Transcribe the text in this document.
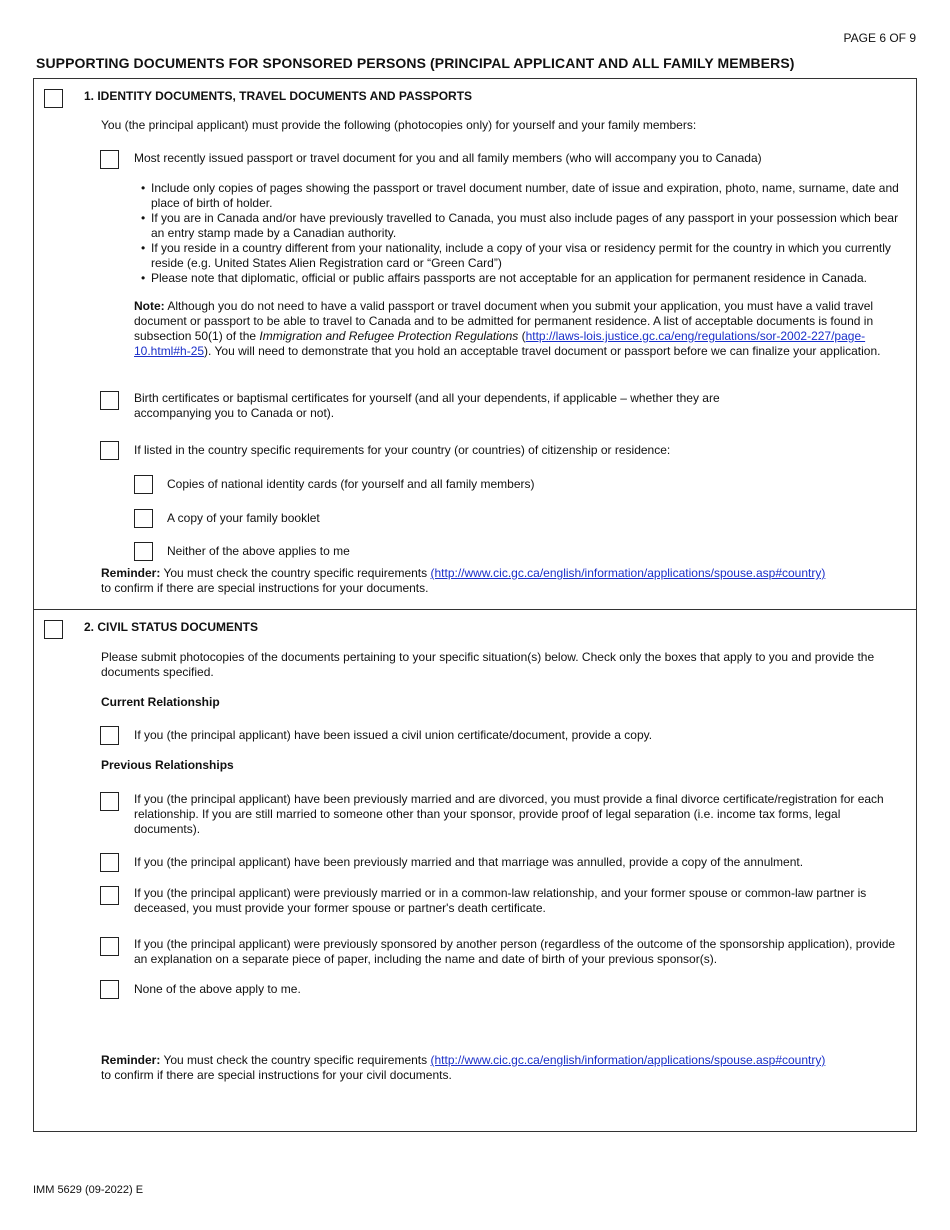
PAGE 6 OF 9
SUPPORTING DOCUMENTS FOR SPONSORED PERSONS (PRINCIPAL APPLICANT AND ALL FAMILY MEMBERS)
1. IDENTITY DOCUMENTS, TRAVEL DOCUMENTS AND PASSPORTS
You (the principal applicant) must provide the following (photocopies only) for yourself and your family members:
Most recently issued passport or travel document for you and all family members (who will accompany you to Canada)
• Include only copies of pages showing the passport or travel document number, date of issue and expiration, photo, name, surname, date and place of birth of holder.
• If you are in Canada and/or have previously travelled to Canada, you must also include pages of any passport in your possession which bear an entry stamp made by a Canadian authority.
• If you reside in a country different from your nationality, include a copy of your visa or residency permit for the country in which you currently reside (e.g. United States Alien Registration card or “Green Card”)
• Please note that diplomatic, official or public affairs passports are not acceptable for an application for permanent residence in Canada.
Note: Although you do not need to have a valid passport or travel document when you submit your application, you must have a valid travel document or passport to be able to travel to Canada and to be admitted for permanent residence. A list of acceptable documents is found in subsection 50(1) of the Immigration and Refugee Protection Regulations (http://laws-lois.justice.gc.ca/eng/regulations/sor-2002-227/page-10.html#h-25). You will need to demonstrate that you hold an acceptable travel document or passport before we can finalize your application.
Birth certificates or baptismal certificates for yourself (and all your dependents, if applicable – whether they are accompanying you to Canada or not).
If listed in the country specific requirements for your country (or countries) of citizenship or residence:
Copies of national identity cards (for yourself and all family members)
A copy of your family booklet
Neither of the above applies to me
Reminder: You must check the country specific requirements (http://www.cic.gc.ca/english/information/applications/spouse.asp#country)
to confirm if there are special instructions for your documents.
2. CIVIL STATUS DOCUMENTS
Please submit photocopies of the documents pertaining to your specific situation(s) below. Check only the boxes that apply to you and provide the documents specified.
Current Relationship
If you (the principal applicant) have been issued a civil union certificate/document, provide a copy.
Previous Relationships
If you (the principal applicant) have been previously married and are divorced, you must provide a final divorce certificate/registration for each relationship. If you are still married to someone other than your sponsor, provide proof of legal separation (i.e. income tax forms, legal documents).
If you (the principal applicant) have been previously married and that marriage was annulled, provide a copy of the annulment.
If you (the principal applicant) were previously married or in a common-law relationship, and your former spouse or common-law partner is deceased, you must provide your former spouse or partner's death certificate.
If you (the principal applicant) were previously sponsored by another person (regardless of the outcome of the sponsorship application), provide an explanation on a separate piece of paper, including the name and date of birth of your previous sponsor(s).
None of the above apply to me.
Reminder: You must check the country specific requirements (http://www.cic.gc.ca/english/information/applications/spouse.asp#country)
to confirm if there are special instructions for your civil documents.
IMM 5629 (09-2022) E
